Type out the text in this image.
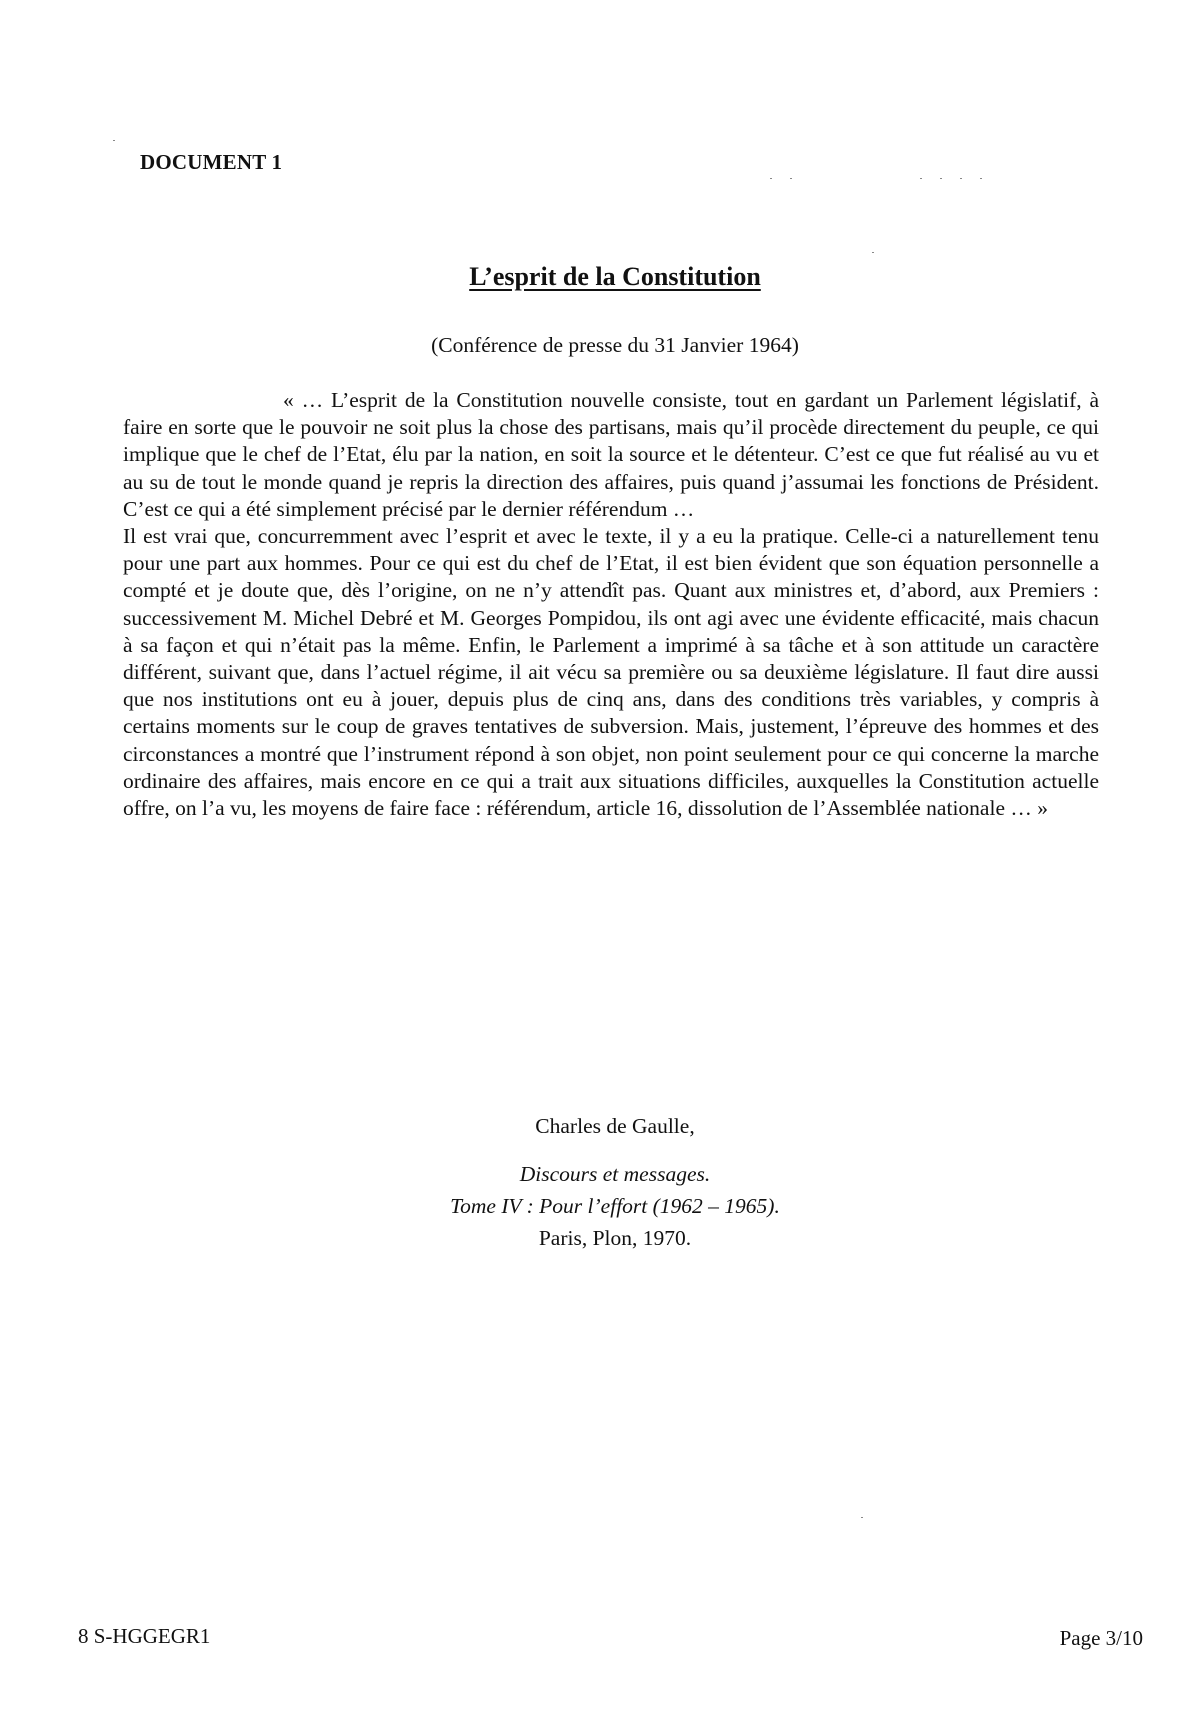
DOCUMENT 1
L’esprit de la Constitution
(Conférence de presse du 31 Janvier 1964)

« … L’esprit de la Constitution nouvelle consiste, tout en gardant un Parlement législatif, à faire en sorte que le pouvoir ne soit plus la chose des partisans, mais qu’il procède directement du peuple, ce qui implique que le chef de l’Etat, élu par la nation, en soit la source et le détenteur. C’est ce que fut réalisé au vu et au su de tout le monde quand je repris la direction des affaires, puis quand j’assumai les fonctions de Président. C’est ce qui a été simplement précisé par le dernier référendum …

Il est vrai que, concurremment avec l’esprit et avec le texte, il y a eu la pratique. Celle-ci a naturellement tenu pour une part aux hommes. Pour ce qui est du chef de l’Etat, il est bien évident que son équation personnelle a compté et je doute que, dès l’origine, on ne n’y attendît pas. Quant aux ministres et, d’abord, aux Premiers : successivement M. Michel Debré et M. Georges Pompidou, ils ont agi avec une évidente efficacité, mais chacun à sa façon et qui n’était pas la même. Enfin, le Parlement a imprimé à sa tâche et à son attitude un caractère différent, suivant que, dans l’actuel régime, il ait vécu sa première ou sa deuxième législature. Il faut dire aussi que nos institutions ont eu à jouer, depuis plus de cinq ans, dans des conditions très variables, y compris à certains moments sur le coup de graves tentatives de subversion. Mais, justement, l’épreuve des hommes et des circonstances a montré que l’instrument répond à son objet, non point seulement pour ce qui concerne la marche ordinaire des affaires, mais encore en ce qui a trait aux situations difficiles, auxquelles la Constitution actuelle offre, on l’a vu, les moyens de faire face : référendum, article 16, dissolution de l’Assemblée nationale … »

Charles de Gaulle,
Discours et messages.
Tome IV : Pour l’effort (1962 – 1965).
Paris, Plon, 1970.
8 S-HGGEGR1	Page 3/10
